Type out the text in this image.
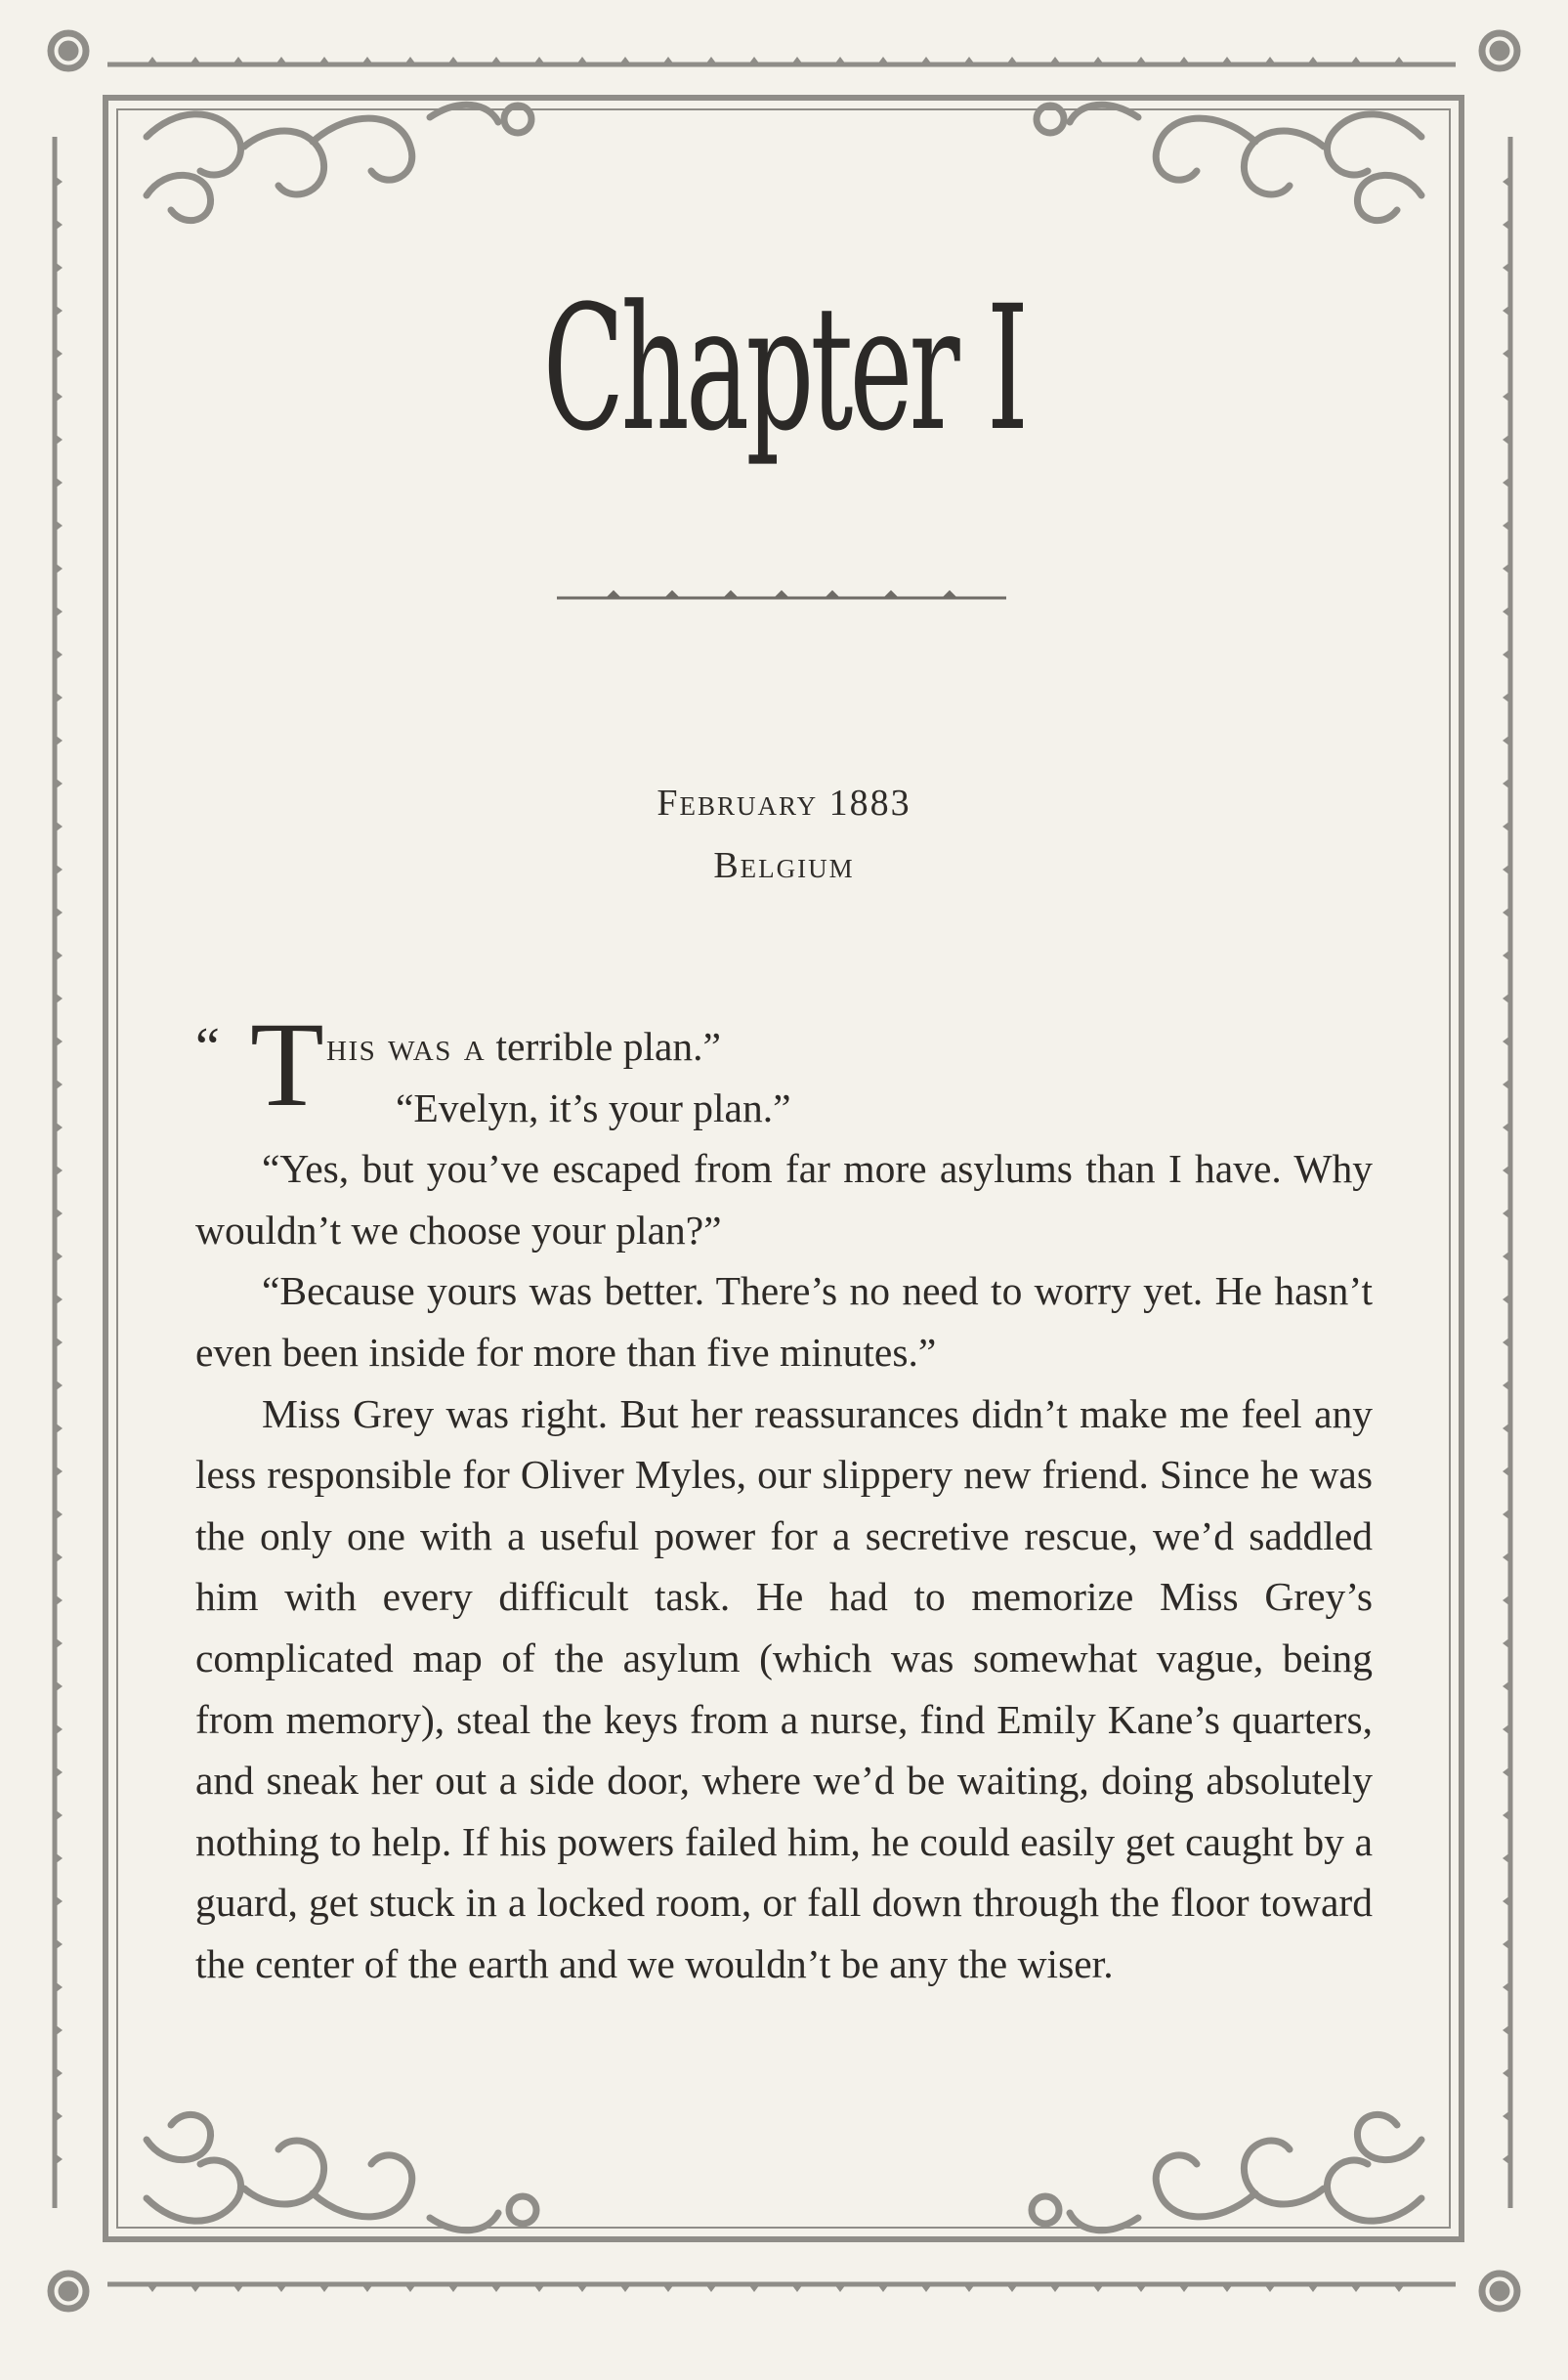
Chapter I
February 1883
Belgium
“ T his was a terrible plan.”

“Evelyn, it’s your plan.”

“Yes, but you’ve escaped from far more asylums than I have. Why wouldn’t we choose your plan?”

“Because yours was better. There’s no need to worry yet. He hasn’t even been inside for more than five minutes.”

Miss Grey was right. But her reassurances didn’t make me feel any less responsible for Oliver Myles, our slippery new friend. Since he was the only one with a useful power for a secretive rescue, we’d saddled him with every difficult task. He had to memorize Miss Grey’s complicated map of the asylum (which was somewhat vague, being from memory), steal the keys from a nurse, find Emily Kane’s quarters, and sneak her out a side door, where we’d be waiting, doing absolutely nothing to help. If his powers failed him, he could easily get caught by a guard, get stuck in a locked room, or fall down through the floor toward the center of the earth and we wouldn’t be any the wiser.
